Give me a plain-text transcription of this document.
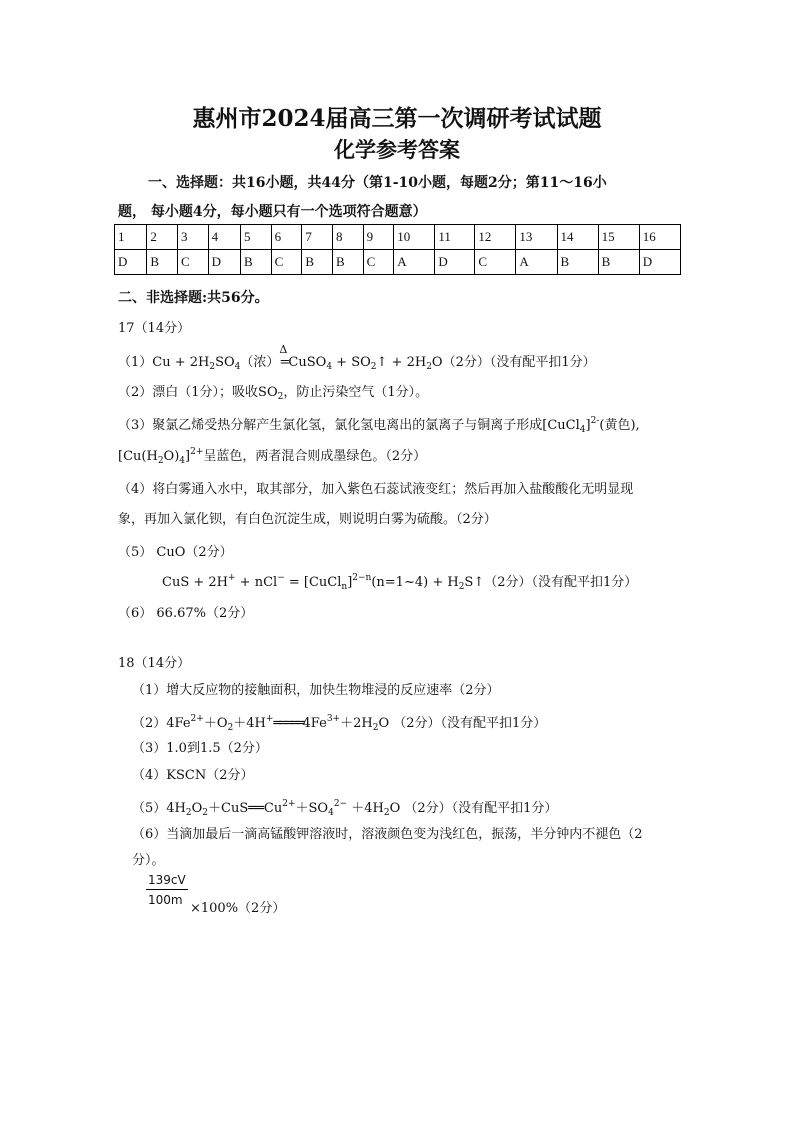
惠州市2024届高三第一次调研考试试题
化学参考答案
一、选择题：共16小题，共44分（第1-10小题，每题2分；第11～16小
题， 每小题4分，每小题只有一个选项符合题意）
1	2	3	4	5	6	7	8	9	10	11	12	13	14	15	16
D	B	C	D	B	C	B	B	C	A	D	C	A	B	B	D
二、非选择题:共56分。
17（14分）
$(1)Cu + 2H_2SO_4$（浓）
Δ
=CuSO$_4$ + $SO_2↑ + 2H_2O(2$分）（没有配平扣1分）
（2）漂白（1分）；吸收$SO_2$，防止污染空气（1分）。
（3）聚氯乙烯受热分解产生氯化氢，氯化氢电离出的氯离子与铜离子形成[CuCl$_4$]$^{2-}$(黄色),
$[Cu(H_2O)_4]^{2+}$呈蓝色，两者混合则成墨绿色。（2分）
（4）将白雾通入水中，取其部分，加入紫色石蕊试液变红；然后再加入盐酸酸化无明显现
象，再加入氯化钡，有白色沉淀生成，则说明白雾为硫酸。（2分）
（5） CuO（2分）
CuS + 2H+ + nCl− = [CuCl$_n$]$^{2-n}$(n=1~4) + $H_2S↑(2$分）（没有配平扣1分）
（6） 66.67%（2分）
18（14分）
（1）增大反应物的接触面积，加快生物堆浸的反应速率（2分）
$(2)4Fe^{2+}+O_2+4H^+═════4Fe^{3+}+2H_2O$ （2分）（没有配平扣1分）
（3）1.0到1.5（2分）
（4）KSCN（2分）
$(5)4H_2O_2+CuS══Cu^{2+}+SO_4^{2-} +4H_2O$ （2分）（没有配平扣1分）
（6）当滴加最后一滴高锰酸钾溶液时，溶液颜色变为浅红色，振荡，半分钟内不褪色（2
分）。
$\frac{139cV}{100m}$
×100%（2分）
